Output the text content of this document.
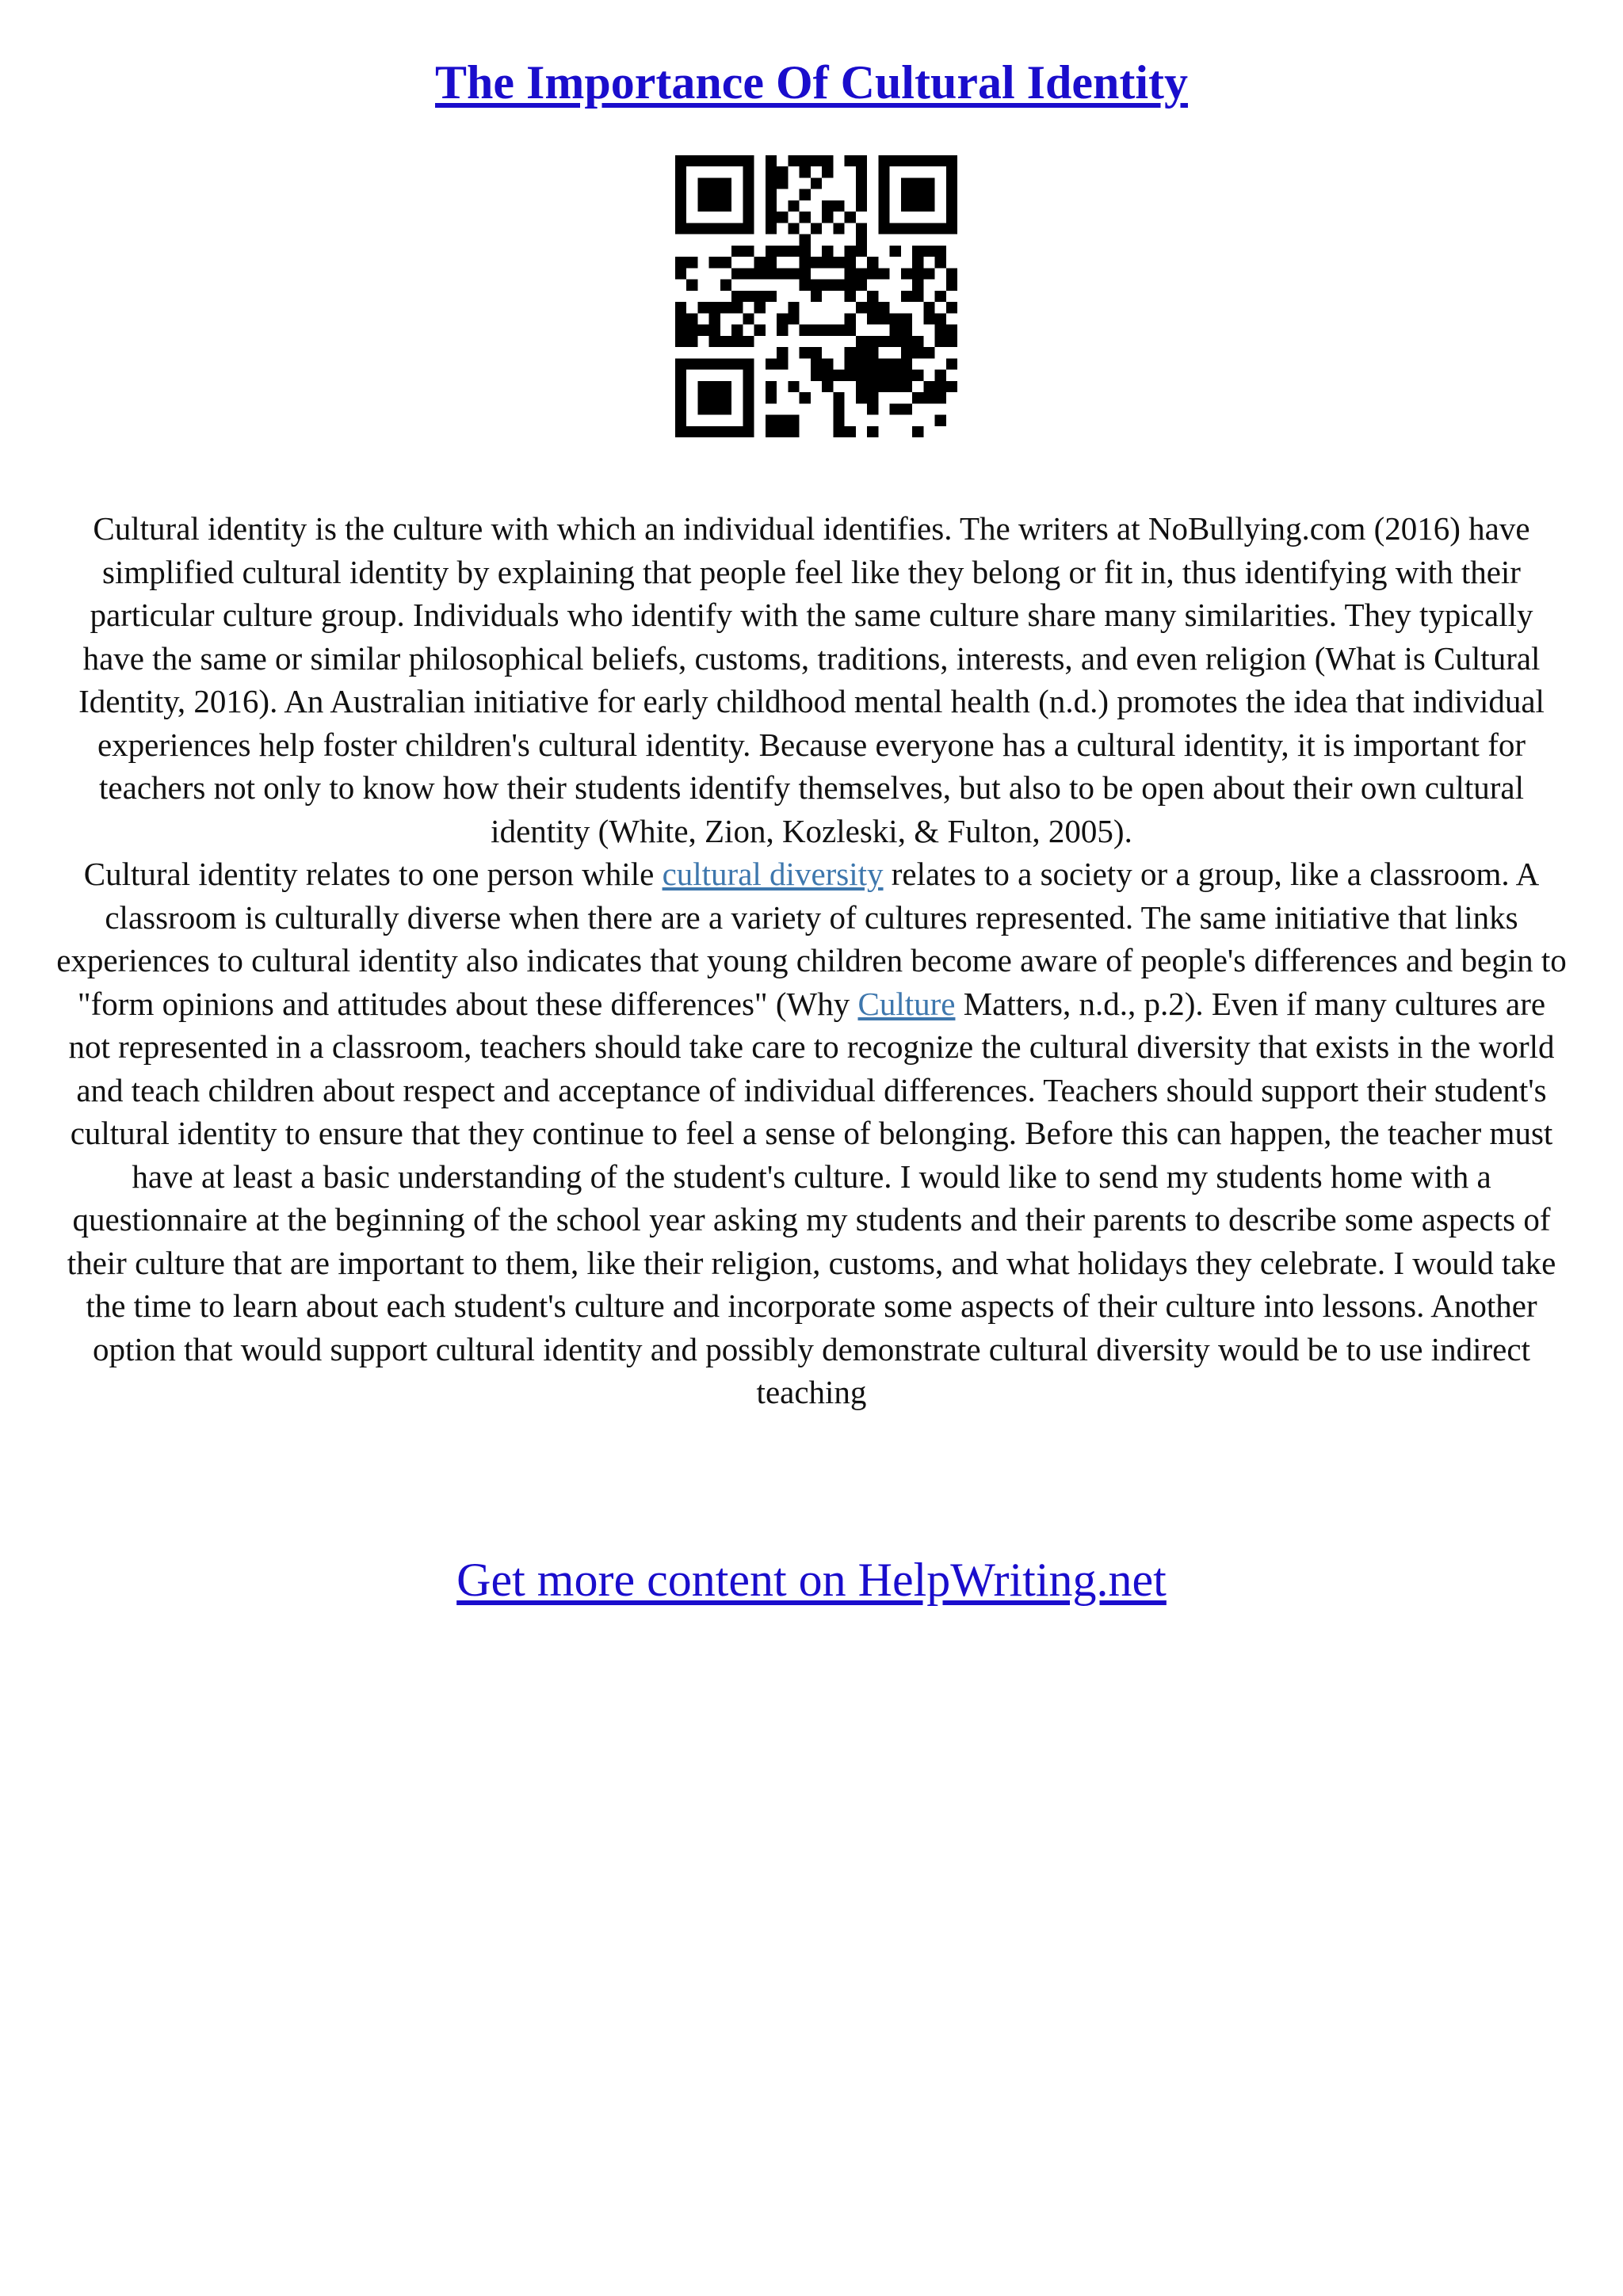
The Importance Of Cultural Identity

Cultural identity is the culture with which an individual identifies. The writers at NoBullying.com (2016) have simplified cultural identity by explaining that people feel like they belong or fit in, thus identifying with their particular culture group. Individuals who identify with the same culture share many similarities. They typically have the same or similar philosophical beliefs, customs, traditions, interests, and even religion (What is Cultural Identity, 2016). An Australian initiative for early childhood mental health (n.d.) promotes the idea that individual experiences help foster children's cultural identity. Because everyone has a cultural identity, it is important for teachers not only to know how their students identify themselves, but also to be open about their own cultural identity (White, Zion, Kozleski, & Fulton, 2005).

Cultural identity relates to one person while cultural diversity relates to a society or a group, like a classroom. A classroom is culturally diverse when there are a variety of cultures represented. The same initiative that links experiences to cultural identity also indicates that young children become aware of people's differences and begin to "form opinions and attitudes about these differences" (Why Culture Matters, n.d., p.2). Even if many cultures are not represented in a classroom, teachers should take care to recognize the cultural diversity that exists in the world and teach children about respect and acceptance of individual differences. Teachers should support their student's cultural identity to ensure that they continue to feel a sense of belonging. Before this can happen, the teacher must have at least a basic understanding of the student's culture. I would like to send my students home with a questionnaire at the beginning of the school year asking my students and their parents to describe some aspects of their culture that are important to them, like their religion, customs, and what holidays they celebrate. I would take the time to learn about each student's culture and incorporate some aspects of their culture into lessons. Another option that would support cultural identity and possibly demonstrate cultural diversity would be to use indirect teaching

Get more content on HelpWriting.net
